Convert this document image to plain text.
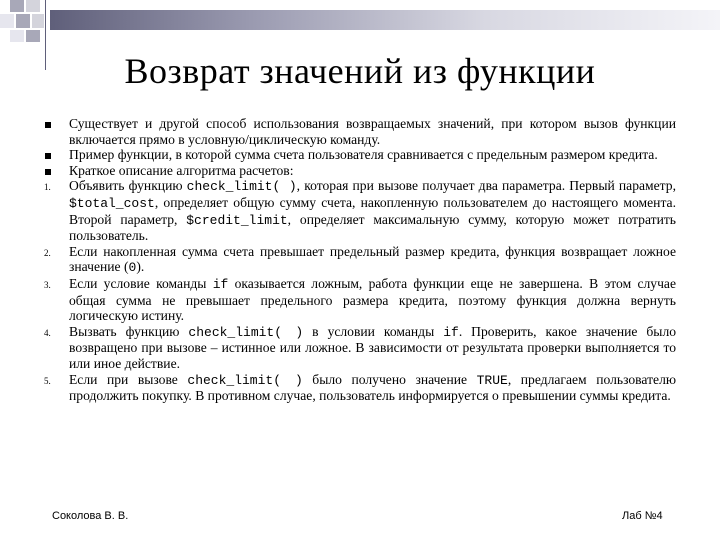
Возврат значений из функции
Существует и другой способ использования возвращаемых значений, при котором вызов функции включается прямо в условную/циклическую команду.
Пример функции, в которой сумма счета пользователя сравнивается с предельным размером кредита.
Краткое описание алгоритма расчетов:
1.	Объявить функцию check_limit( ), которая при вызове получает два параметра. Первый параметр, $total_cost, определяет общую сумму счета, накопленную пользователем до настоящего момента. Второй параметр, $credit_limit, определяет максимальную сумму, которую может потратить пользователь.
2.	Если накопленная сумма счета превышает предельный размер кредита, функция возвращает ложное значение (0).
3.	Если условие команды if оказывается ложным, работа функции еще не завершена. В этом случае общая сумма не превышает предельного размера кредита, поэтому функция должна вернуть логическую истину.
4.	Вызвать функцию check_limit( ) в условии команды if. Проверить, какое значение было возвращено при вызове – истинное или ложное. В зависимости от результата проверки выполняется то или иное действие.
5.	Если при вызове check_limit( ) было получено значение TRUE, предлагаем пользователю продолжить покупку. В противном случае, пользователь информируется о превышении суммы кредита.
Соколова В. В.	Лаб №4
